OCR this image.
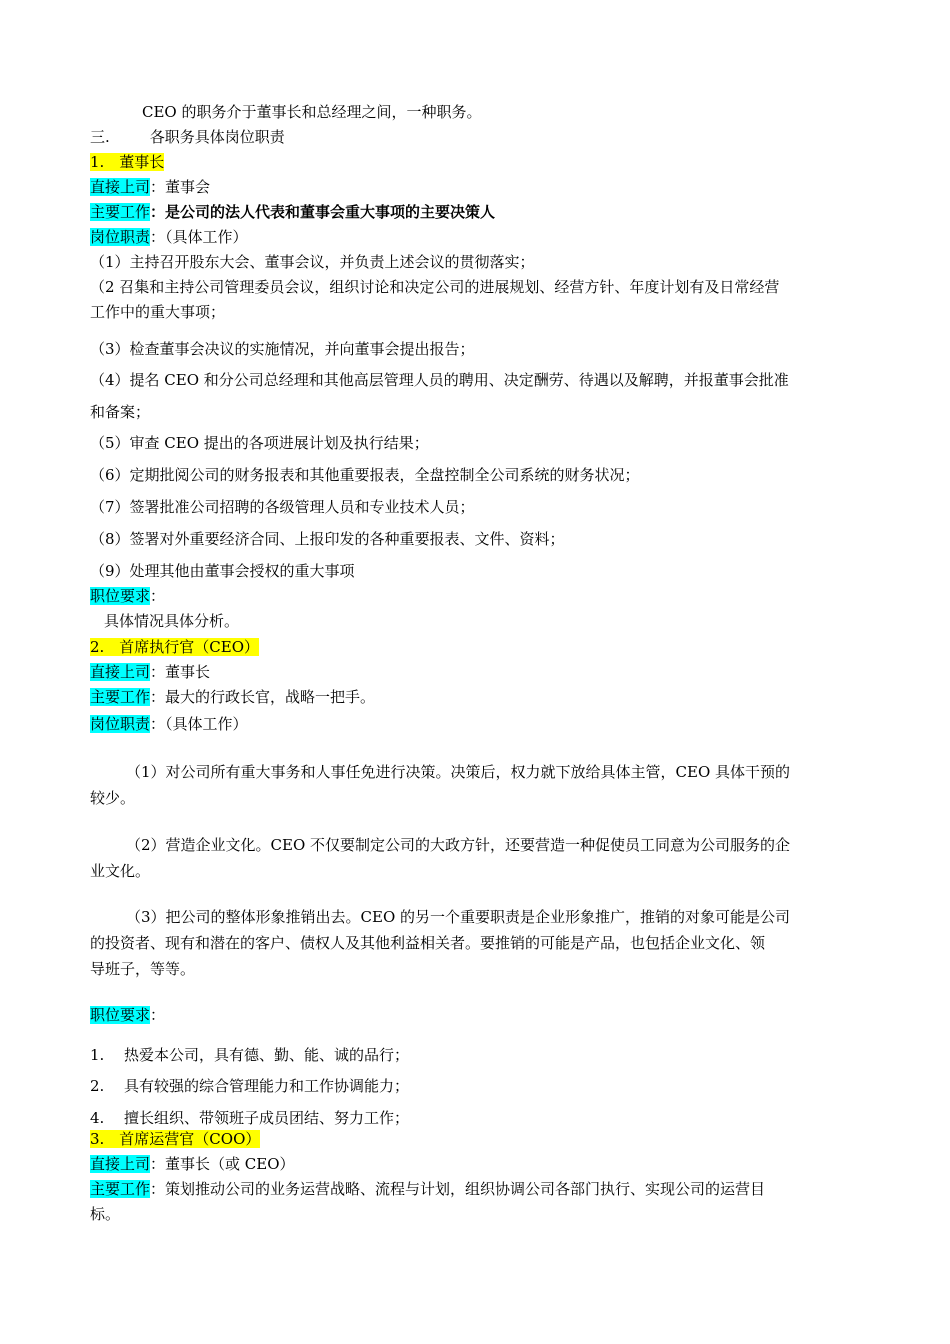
CEO 的职务介于董事长和总经理之间，一种职务。
三.	各职务具体岗位职责
1.　董事长
直接上司：董事会
主要工作：是公司的法人代表和董事会重大事项的主要决策人
岗位职责：（具体工作）
（1）主持召开股东大会、董事会议，并负责上述会议的贯彻落实；
（2 召集和主持公司管理委员会议，组织讨论和决定公司的进展规划、经营方针、年度计划有及日常经营
工作中的重大事项；
（3）检查董事会决议的实施情况，并向董事会提出报告；
（4）提名 CEO 和分公司总经理和其他高层管理人员的聘用、决定酬劳、待遇以及解聘，并报董事会批准
和备案；
（5）审查 CEO 提出的各项进展计划及执行结果；
（6）定期批阅公司的财务报表和其他重要报表，全盘控制全公司系统的财务状况；
（7）签署批准公司招聘的各级管理人员和专业技术人员；
（8）签署对外重要经济合同、上报印发的各种重要报表、文件、资料；
（9）处理其他由董事会授权的重大事项
职位要求：
具体情况具体分析。
2.　首席执行官（CEO）
直接上司：董事长
主要工作：最大的行政长官，战略一把手。
岗位职责：（具体工作）
（1）对公司所有重大事务和人事任免进行决策。决策后，权力就下放给具体主管，CEO 具体干预的
较少。
（2）营造企业文化。CEO 不仅要制定公司的大政方针，还要营造一种促使员工同意为公司服务的企
业文化。
（3）把公司的整体形象推销出去。CEO 的另一个重要职责是企业形象推广，推销的对象可能是公司
的投资者、现有和潜在的客户、债权人及其他利益相关者。要推销的可能是产品，也包括企业文化、领
导班子，等等。
职位要求：
1. 热爱本公司，具有德、勤、能、诚的品行；
2. 具有较强的综合管理能力和工作协调能力；
4. 擅长组织、带领班子成员团结、努力工作；
3.　首席运营官（COO）
直接上司：董事长（或 CEO）
主要工作：策划推动公司的业务运营战略、流程与计划，组织协调公司各部门执行、实现公司的运营目
标。
